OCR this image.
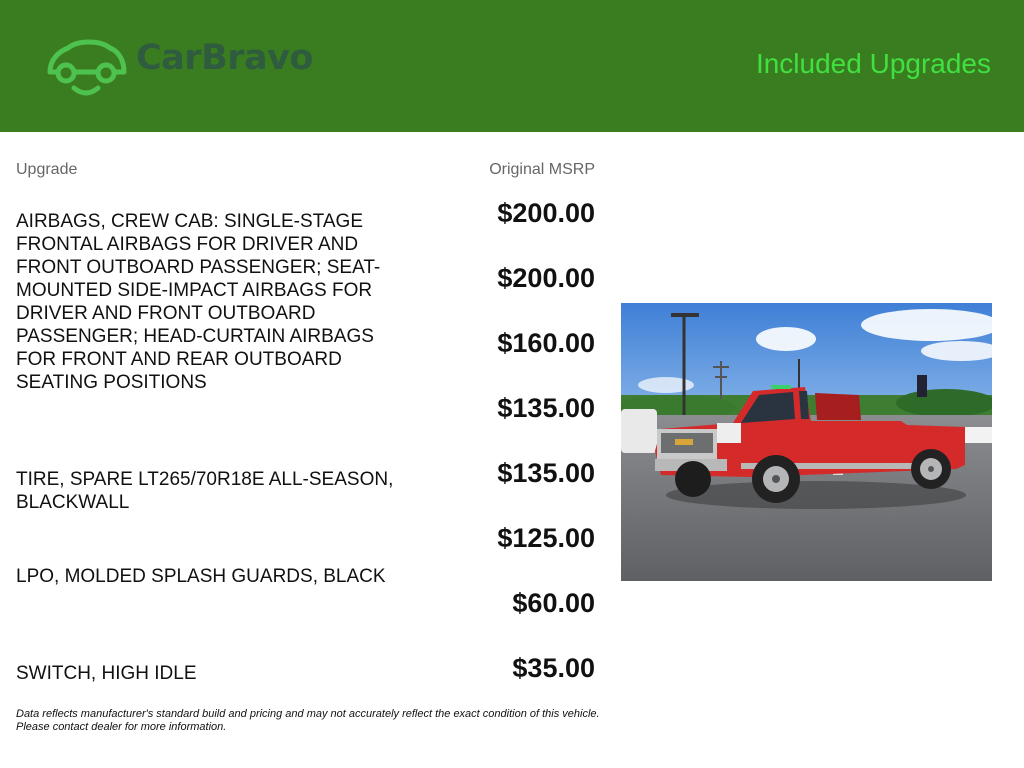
CarBravo	Included Upgrades
Upgrade	Original MSRP
AIRBAGS, CREW CAB: SINGLE-STAGE FRONTAL AIRBAGS FOR DRIVER AND FRONT OUTBOARD PASSENGER; SEAT-MOUNTED SIDE-IMPACT AIRBAGS FOR DRIVER AND FRONT OUTBOARD PASSENGER; HEAD-CURTAIN AIRBAGS FOR FRONT AND REAR OUTBOARD SEATING POSITIONS
TIRE, SPARE LT265/70R18E ALL-SEASON, BLACKWALL
LPO, MOLDED SPLASH GUARDS, BLACK
SWITCH, HIGH IDLE
$200.00
$200.00
$160.00
$135.00
$135.00
$125.00
$60.00
$35.00
Data reflects manufacturer's standard build and pricing and may not accurately reflect the exact condition of this vehicle.
Please contact dealer for more information.
